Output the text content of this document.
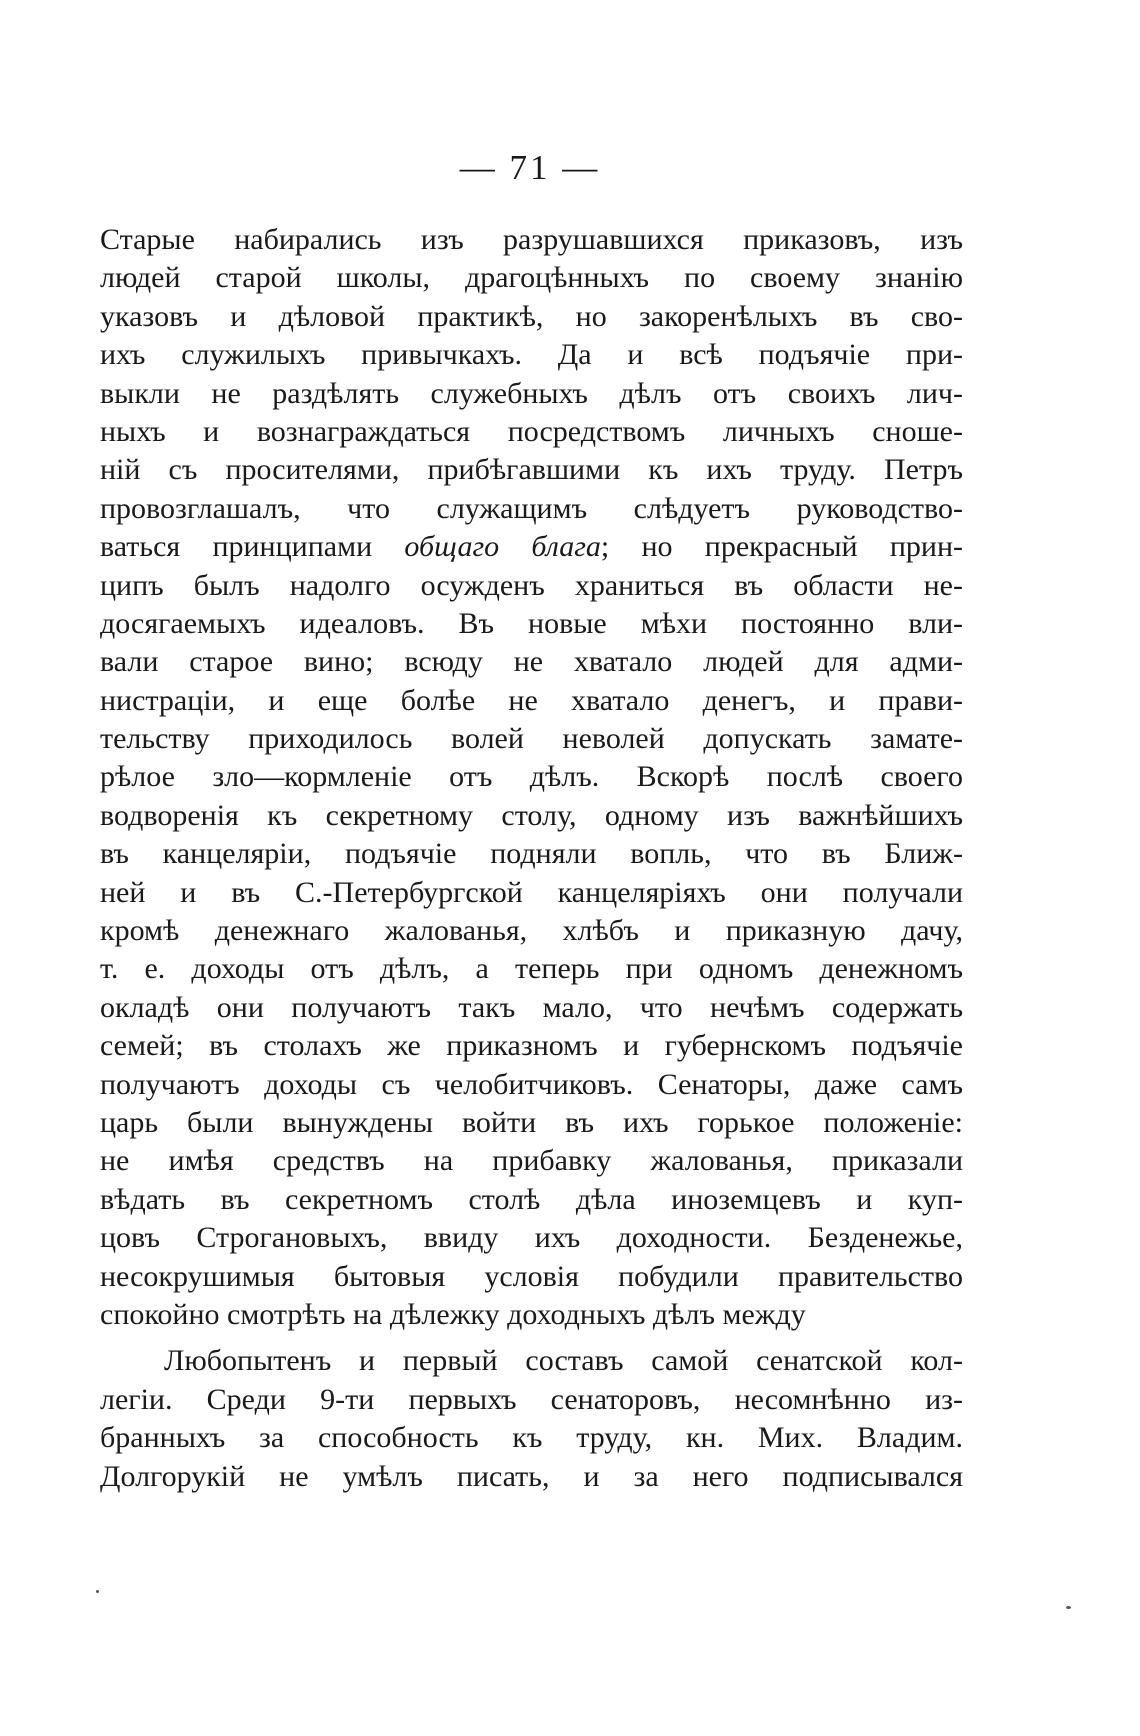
— 71 —
Старые набирались изъ разрушавшихся приказовъ, изъ
людей старой школы, драгоцѣнныхъ по своему знанію
указовъ и дѣловой практикѣ, но закоренѣлыхъ въ сво-
ихъ служилыхъ привычкахъ. Да и всѣ подъячіе при-
выкли не раздѣлять служебныхъ дѣлъ отъ своихъ лич-
ныхъ и вознаграждаться посредствомъ личныхъ сноше-
ній съ просителями, прибѣгавшими къ ихъ труду. Петръ
провозглашалъ, что служащимъ слѣдуетъ руководство-
ваться принципами общаго блага; но прекрасный прин-
ципъ былъ надолго осужденъ храниться въ области не-
досягаемыхъ идеаловъ. Въ новые мѣхи постоянно вли-
вали старое вино; всюду не хватало людей для адми-
нистраціи, и еще болѣе не хватало денегъ, и прави-
тельству приходилось волей неволей допускать замате-
рѣлое зло—кормленіе отъ дѣлъ. Вскорѣ послѣ своего
водворенія къ секретному столу, одному изъ важнѣйшихъ
въ канцеляріи, подъячіе подняли вопль, что въ Ближ-
ней и въ С.-Петербургской канцеляріяхъ они получали
кромѣ денежнаго жалованья, хлѣбъ и приказную дачу,
т. е. доходы отъ дѣлъ, а теперь при одномъ денежномъ
окладѣ они получаютъ такъ мало, что нечѣмъ содержать
семей; въ столахъ же приказномъ и губернскомъ подъячіе
получаютъ доходы съ челобитчиковъ. Сенаторы, даже самъ
царь были вынуждены войти въ ихъ горькое положеніе:
не имѣя средствъ на прибавку жалованья, приказали
вѣдать въ секретномъ столѣ дѣла иноземцевъ и куп-
цовъ Строгановыхъ, ввиду ихъ доходности. Безденежье,
несокрушимыя бытовыя условія побудили правительство
спокойно смотрѣть на дѣлежку доходныхъ дѣлъ между
Любопытенъ и первый составъ самой сенатской кол-
легіи. Среди 9-ти первыхъ сенаторовъ, несомнѣнно из-
бранныхъ за способность къ труду, кн. Мих. Владим.
Долгорукій не умѣлъ писать, и за него подписывался
